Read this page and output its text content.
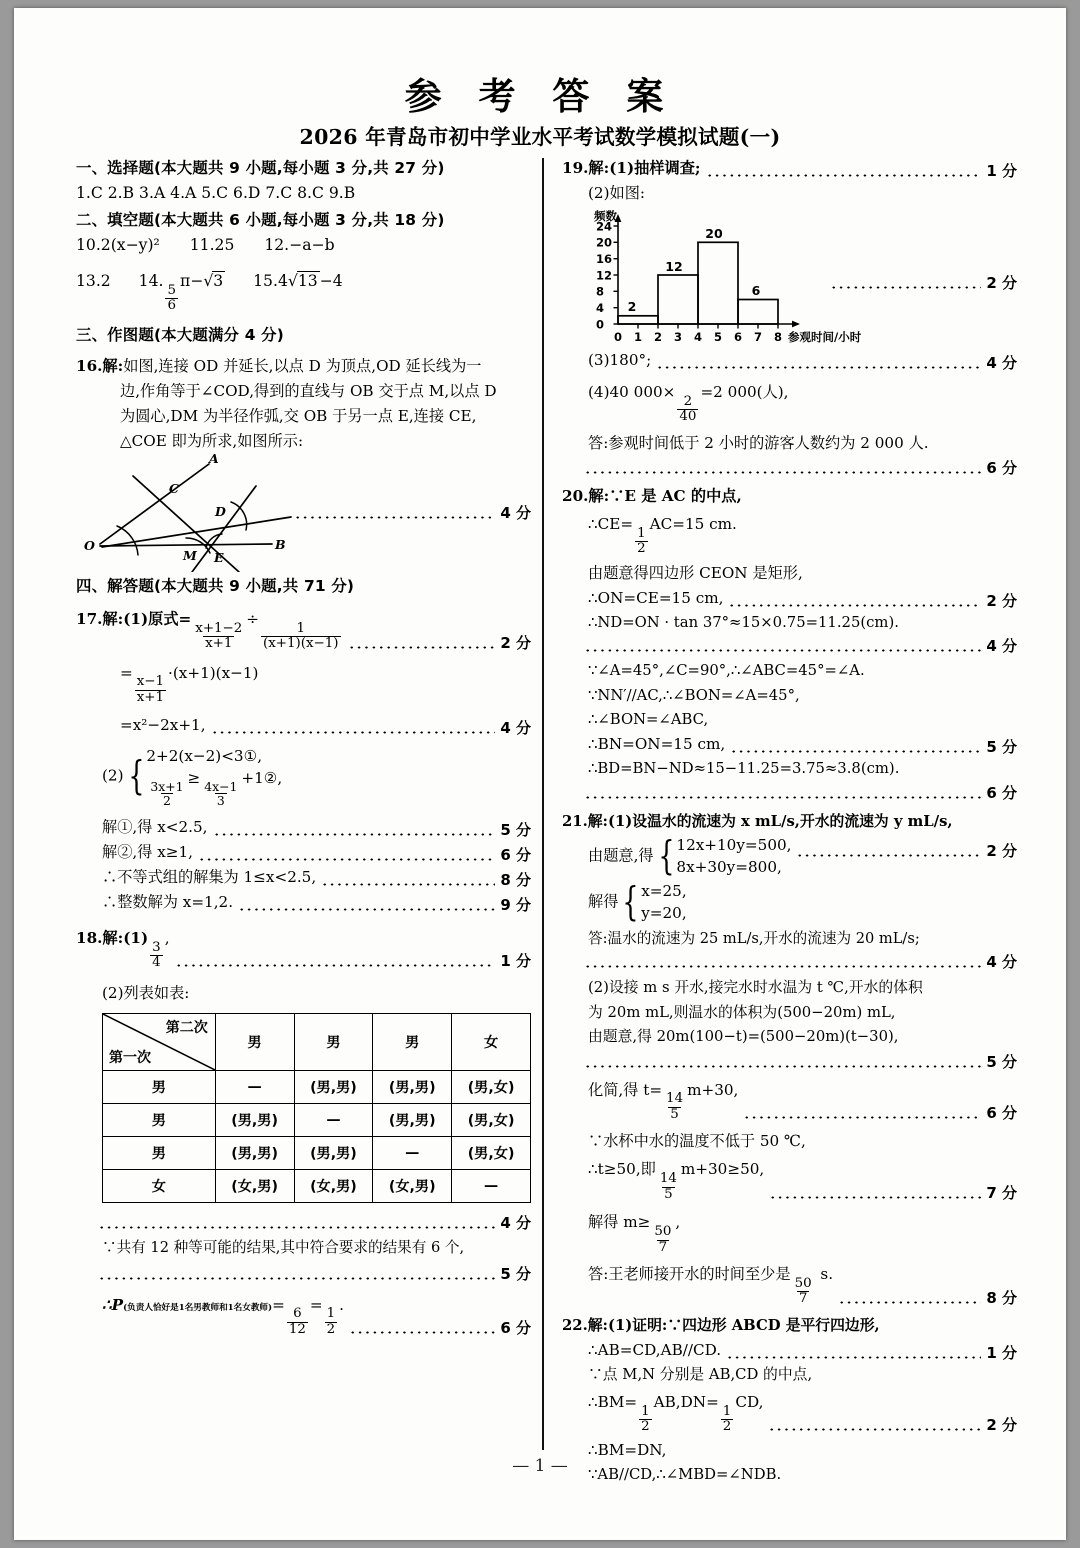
参 考 答 案
2026 年青岛市初中学业水平考试数学模拟试题(一)
一、选择题(本大题共 9 小题,每小题 3 分,共 27 分)
1.C 2.B 3.A 4.A 5.C 6.D 7.C 8.C 9.B
二、填空题(本大题共 6 小题,每小题 3 分,共 18 分)
10.2(x−y)² 11.25 12.−a−b
13.2 14.
$\frac{5}{6}$
π−√3 15.4√13 −4
三、作图题(本大题满分 4 分)
16.解:如图,连接 OD 并延长,以点 D 为顶点,OD 延长线为一
边,作角等于∠COD,得到的直线与 OB 交于点 M,以点 D
为圆心,DM 为半径作弧,交 OB 于另一点 E,连接 CE,
△COE 即为所求,如图所示:
A
B
C
D
E
M
O
4 分
四、解答题(本大题共 9 小题,共 71 分)
17.解:(1)原式=
$\frac{x+1-2}{x+1}$
÷
$\frac{1}{(x+1)(x-1)}$	2 分
=
$\frac{x-1}{x+1}$
·(x+1)(x−1)
=x²−2x+1,	4 分
(2) { 2+2(x−2)<3①,
$\frac{3x+1}{2}$
≥
$\frac{4x-1}{3}$
+1②,
解①,得 x<2.5,	5 分
解②,得 x≥1,	6 分
∴不等式组的解集为 1≤x<2.5,	8 分
∴整数解为 x=1,2.	9 分
18.解:(1)
$\frac{3}{4}$
,
1 分
(2)列表如表:
第二次
第一次	男	男	男	女
男	—	(男,男)	(男,男)	(男,女)
男	(男,男)	—	(男,男)	(男,女)
男	(男,男)	(男,男)	—	(男,女)
女	(女,男)	(女,男)	(女,男)	—
4 分
∵共有 12 种等可能的结果,其中符合要求的结果有 6 个,
5 分
∴P(负责人恰好是1名男教师和1名女教师)=
$\frac{6}{12}$
=
$\frac{1}{2}$
.
6 分
19.解:(1)抽样调查;	1 分
(2)如图:
频数
0
4
8
12
16
20
24
0 1 2 3 4 5 6 7 8 参观时间/小时
2
12
20
6	2 分
(3)180°;	4 分
(4)40 000×
$\frac{2}{40}$
=2 000(人),
答:参观时间低于 2 小时的游客人数约为 2 000 人.
6 分
20.解:∵E 是 AC 的中点,
∴CE=
$\frac{1}{2}$
AC=15 cm.
由题意得四边形 CEON 是矩形,
∴ON=CE=15 cm,	2 分
∴ND=ON · tan 37°≈15×0.75=11.25(cm).
4 分
∵∠A=45°,∠C=90°,∴∠ABC=45°=∠A.
∵NN′//AC,∴∠BON=∠A=45°,
∴∠BON=∠ABC,
∴BN=ON=15 cm,	5 分
∴BD=BN−ND≈15−11.25=3.75≈3.8(cm).
6 分
21.解:(1)设温水的流速为 x mL/s,开水的流速为 y mL/s,
由题意,得 { 12x+10y=500,
8x+30y=800,
2 分
解得 { x=25,
y=20,
答:温水的流速为 25 mL/s,开水的流速为 20 mL/s;
4 分
(2)设接 m s 开水,接完水时水温为 t ℃,开水的体积
为 20m mL,则温水的体积为(500−20m) mL,
由题意,得 20m(100−t)=(500−20m)(t−30),
5 分
化简,得 t=
$\frac{14}{5}$
m+30,
6 分
∵水杯中水的温度不低于 50 ℃,
∴t≥50,即
$\frac{14}{5}$
m+30≥50,
7 分
解得 m≥
$\frac{50}{7}$
,
答:王老师接开水的时间至少是
$\frac{50}{7}$
s.
8 分
22.解:(1)证明:∵四边形 ABCD 是平行四边形,
∴AB=CD,AB//CD.	1 分
∵点 M,N 分别是 AB,CD 的中点,
∴BM=
$\frac{1}{2}$
AB,DN=
$\frac{1}{2}$
CD,
2 分
∴BM=DN,
∵AB//CD,∴∠MBD=∠NDB.
— 1 —
